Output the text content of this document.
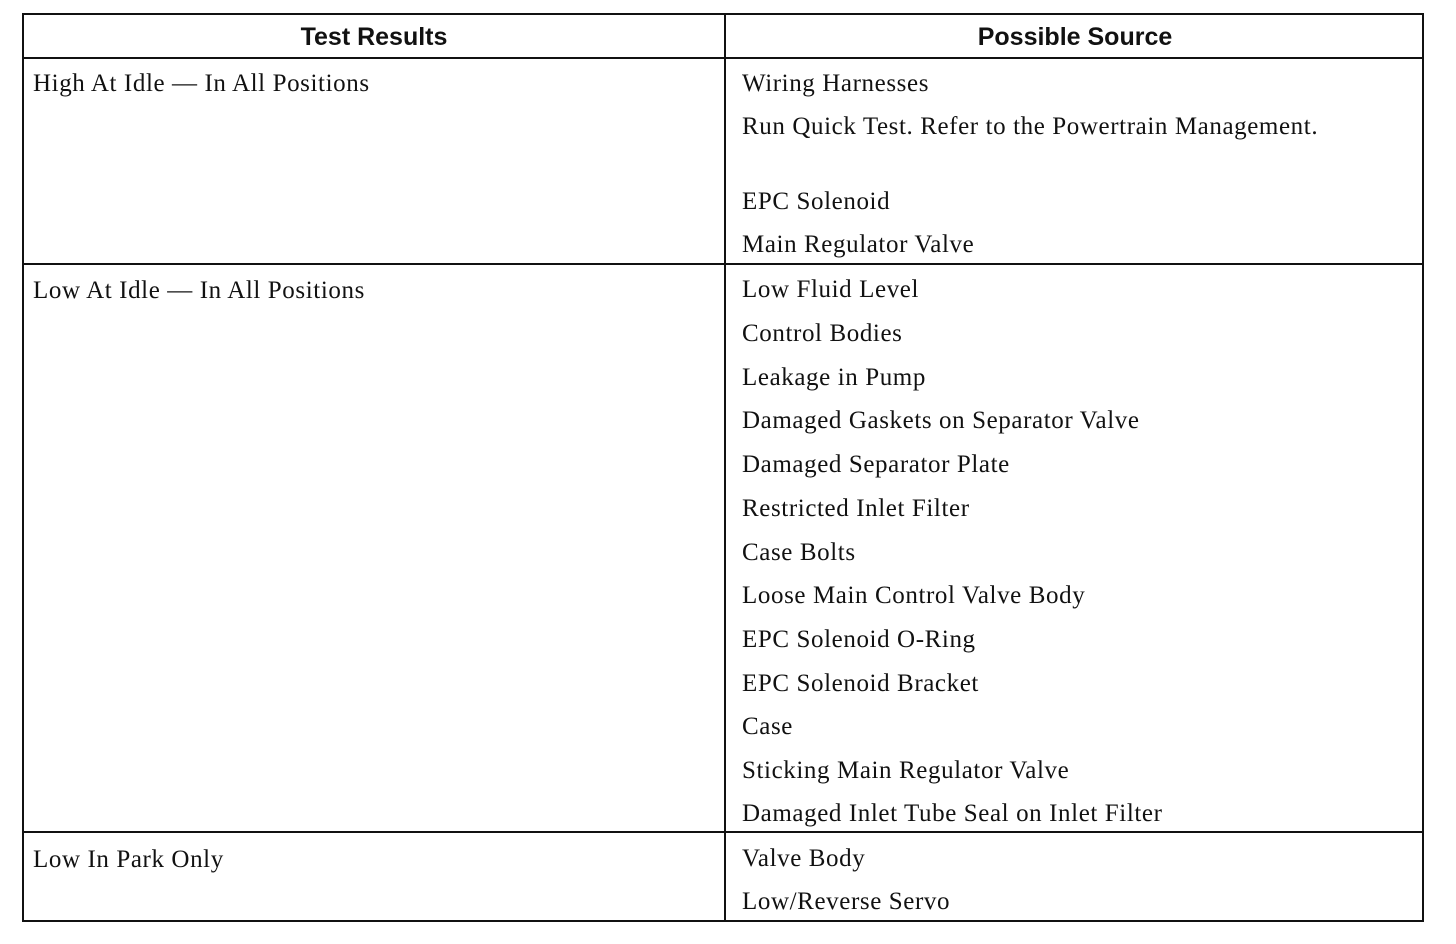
Test Results	Possible Source
High At Idle — In All Positions	Wiring Harnesses
Run Quick Test. Refer to the Powertrain Management.
EPC Solenoid
Main Regulator Valve
Low At Idle — In All Positions	Low Fluid Level
Control Bodies
Leakage in Pump
Damaged Gaskets on Separator Valve
Damaged Separator Plate
Restricted Inlet Filter
Case Bolts
Loose Main Control Valve Body
EPC Solenoid O-Ring
EPC Solenoid Bracket
Case
Sticking Main Regulator Valve
Damaged Inlet Tube Seal on Inlet Filter
Low In Park Only	Valve Body
Low/Reverse Servo
